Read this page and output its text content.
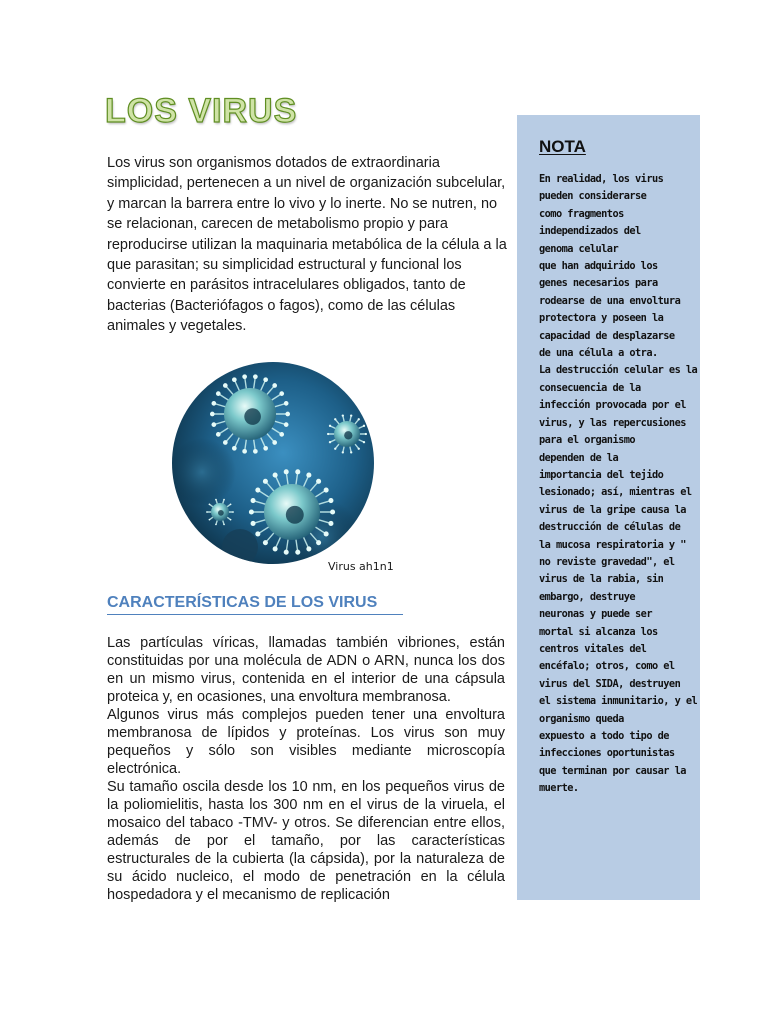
LOS VIRUS

Los virus son organismos dotados de extraordinaria simplicidad, pertenecen a un nivel de organización subcelular, y marcan la barrera entre lo vivo y lo inerte. No se nutren, no se relacionan, carecen de metabolismo propio y para reproducirse utilizan la maquinaria metabólica de la célula a la que parasitan; su simplicidad estructural y funcional los convierte en parásitos intracelulares obligados, tanto de bacterias (Bacteriófagos o fagos), como de las células animales y vegetales.

Virus ah1n1

CARACTERÍSTICAS DE LOS VIRUS

Las partículas víricas, llamadas también vibriones, están constituidas por una molécula de ADN o ARN, nunca los dos en un mismo virus, contenida en el interior de una cápsula proteica y, en ocasiones, una envoltura membranosa.

Algunos virus más complejos pueden tener una envoltura membranosa de lípidos y proteínas. Los virus son muy pequeños y sólo son visibles mediante microscopía electrónica.

Su tamaño oscila desde los 10 nm, en los pequeños virus de la poliomielitis, hasta los 300 nm en el virus de la viruela, el mosaico del tabaco -TMV- y otros. Se diferencian entre ellos, además de por el tamaño, por las características estructurales de la cubierta (la cápsida), por la naturaleza de su ácido nucleico, el modo de penetración en la célula hospedadora y el mecanismo de replicación

NOTA
En realidad, los virus
pueden considerarse
como fragmentos
independizados del
genoma celular
que han adquirido los
genes necesarios para
rodearse de una envoltura
protectora y poseen la
capacidad de desplazarse
de una célula a otra.
La destrucción celular es la
consecuencia de la
infección provocada por el
virus, y las repercusiones
para el organismo
dependen de la
importancia del tejido
lesionado; así, mientras el
virus de la gripe causa la
destrucción de células de
la mucosa respiratoria y "
no reviste gravedad", el
virus de la rabia, sin
embargo, destruye
neuronas y puede ser
mortal si alcanza los
centros vitales del
encéfalo; otros, como el
virus del SIDA, destruyen
el sistema inmunitario, y el
organismo queda
expuesto a todo tipo de
infecciones oportunistas
que terminan por causar la
muerte.
